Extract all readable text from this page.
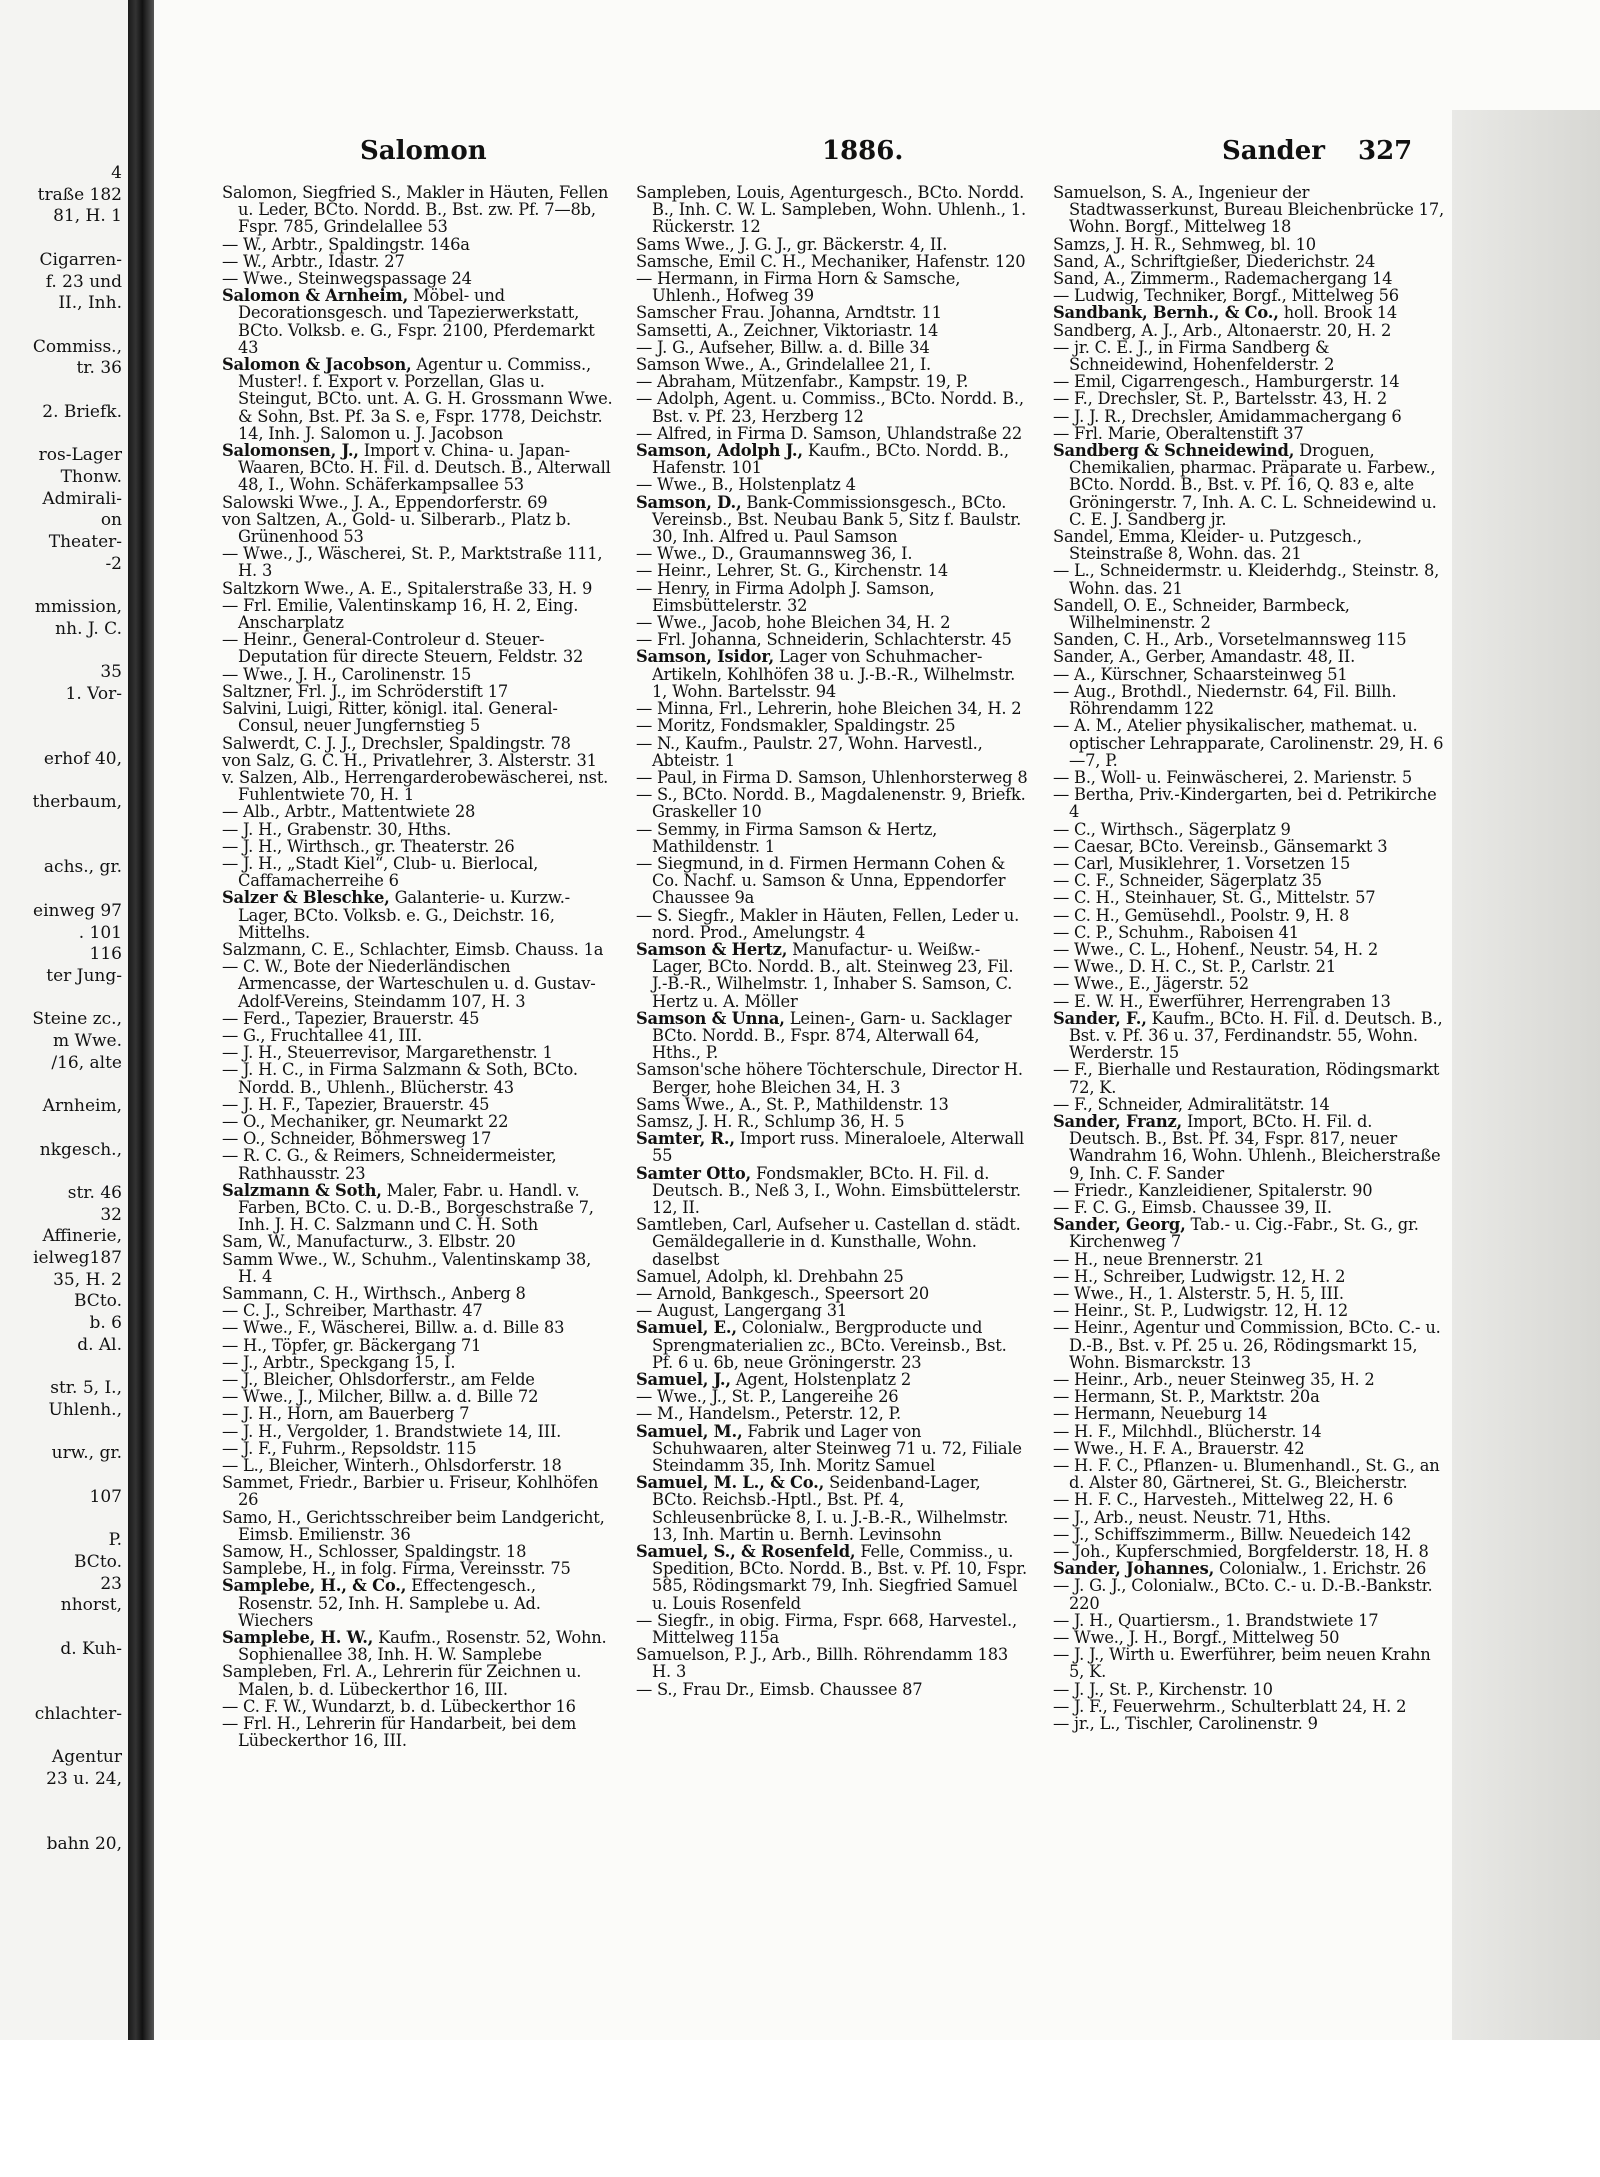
4
traße 182
81, H. 1
Cigarren-
f. 23 und
II., Inh.
Commiss.,
tr. 36
2. Briefk.
ros-Lager
Thonw.
Admirali-
on
Theater-
-2
mmission,
nh. J. C.
35
1. Vor-
erhof 40,
therbaum,
achs., gr.
einweg 97
. 101
116
ter Jung-
Steine zc.,
m Wwe.
/16, alte
Arnheim,
nkgesch.,
str. 46
32
Affinerie,
ielweg187
35, H. 2
BCto.
b. 6
d. Al.
str. 5, I.,
Uhlenh.,
urw., gr.
107
P.
BCto.
23
nhorst,
d. Kuh-
chlachter-
Agentur
23 u. 24,
bahn 20,
Salomon	1886.	Sander 327
Salomon, Siegfried S., Makler in Häuten, Fellen u. Leder, BCto. Nordd. B., Bst. zw. Pf. 7—8b, Fspr. 785, Grindelallee 53
— W., Arbtr., Spaldingstr. 146a
— W., Arbtr., Idastr. 27
— Wwe., Steinwegspassage 24
Salomon & Arnheim, Möbel- und Decorationsgesch. und Tapezierwerkstatt, BCto. Volksb. e. G., Fspr. 2100, Pferdemarkt 43
Salomon & Jacobson, Agentur u. Commiss., Muster!. f. Export v. Porzellan, Glas u. Steingut, BCto. unt. A. G. H. Grossmann Wwe. & Sohn, Bst. Pf. 3a S. e, Fspr. 1778, Deichstr. 14, Inh. J. Salomon u. J. Jacobson
Salomonsen, J., Import v. China- u. Japan-Waaren, BCto. H. Fil. d. Deutsch. B., Alterwall 48, I., Wohn. Schäferkampsallee 53
Salowski Wwe., J. A., Eppendorferstr. 69
von Saltzen, A., Gold- u. Silberarb., Platz b. Grünenhood 53
— Wwe., J., Wäscherei, St. P., Marktstraße 111, H. 3
Saltzkorn Wwe., A. E., Spitalerstraße 33, H. 9
— Frl. Emilie, Valentinskamp 16, H. 2, Eing. Anscharplatz
— Heinr., General-Controleur d. Steuer-Deputation für directe Steuern, Feldstr. 32
— Wwe., J. H., Carolinenstr. 15
Saltzner, Frl. J., im Schröderstift 17
Salvini, Luigi, Ritter, königl. ital. General-Consul, neuer Jungfernstieg 5
Salwerdt, C. J. J., Drechsler, Spaldingstr. 78
von Salz, G. C. H., Privatlehrer, 3. Alsterstr. 31
v. Salzen, Alb., Herrengarderobewäscherei, nst. Fuhlentwiete 70, H. 1
— Alb., Arbtr., Mattentwiete 28
— J. H., Grabenstr. 30, Hths.
— J. H., Wirthsch., gr. Theaterstr. 26
— J. H., „Stadt Kiel“, Club- u. Bierlocal, Caffamacherreihe 6
Salzer & Bleschke, Galanterie- u. Kurzw.-Lager, BCto. Volksb. e. G., Deichstr. 16, Mittelhs.
Salzmann, C. E., Schlachter, Eimsb. Chauss. 1a
— C. W., Bote der Niederländischen Armencasse, der Warteschulen u. d. Gustav-Adolf-Vereins, Steindamm 107, H. 3
— Ferd., Tapezier, Brauerstr. 45
— G., Fruchtallee 41, III.
— J. H., Steuerrevisor, Margarethenstr. 1
— J. H. C., in Firma Salzmann & Soth, BCto. Nordd. B., Uhlenh., Blücherstr. 43
— J. H. F., Tapezier, Brauerstr. 45
— O., Mechaniker, gr. Neumarkt 22
— O., Schneider, Böhmersweg 17
— R. C. G., & Reimers, Schneidermeister, Rathhausstr. 23
Salzmann & Soth, Maler, Fabr. u. Handl. v. Farben, BCto. C. u. D.-B., Borgeschstraße 7, Inh. J. H. C. Salzmann und C. H. Soth
Sam, W., Manufacturw., 3. Elbstr. 20
Samm Wwe., W., Schuhm., Valentinskamp 38, H. 4
Sammann, C. H., Wirthsch., Anberg 8
— C. J., Schreiber, Marthastr. 47
— Wwe., F., Wäscherei, Billw. a. d. Bille 83
— H., Töpfer, gr. Bäckergang 71
— J., Arbtr., Speckgang 15, I.
— J., Bleicher, Ohlsdorferstr., am Felde
— Wwe., J., Milcher, Billw. a. d. Bille 72
— J. H., Horn, am Bauerberg 7
— J. H., Vergolder, 1. Brandstwiete 14, III.
— J. F., Fuhrm., Repsoldstr. 115
— L., Bleicher, Winterh., Ohlsdorferstr. 18
Sammet, Friedr., Barbier u. Friseur, Kohlhöfen 26
Samo, H., Gerichtsschreiber beim Landgericht, Eimsb. Emilienstr. 36
Samow, H., Schlosser, Spaldingstr. 18
Samplebe, H., in folg. Firma, Vereinsstr. 75
Samplebe, H., & Co., Effectengesch., Rosenstr. 52, Inh. H. Samplebe u. Ad. Wiechers
Samplebe, H. W., Kaufm., Rosenstr. 52, Wohn. Sophienallee 38, Inh. H. W. Samplebe
Sampleben, Frl. A., Lehrerin für Zeichnen u. Malen, b. d. Lübeckerthor 16, III.
— C. F. W., Wundarzt, b. d. Lübeckerthor 16
— Frl. H., Lehrerin für Handarbeit, bei dem Lübeckerthor 16, III.
Sampleben, Louis, Agenturgesch., BCto. Nordd. B., Inh. C. W. L. Sampleben, Wohn. Uhlenh., 1. Rückerstr. 12
Sams Wwe., J. G. J., gr. Bäckerstr. 4, II.
Samsche, Emil C. H., Mechaniker, Hafenstr. 120
— Hermann, in Firma Horn & Samsche, Uhlenh., Hofweg 39
Samscher Frau. Johanna, Arndtstr. 11
Samsetti, A., Zeichner, Viktoriastr. 14
— J. G., Aufseher, Billw. a. d. Bille 34
Samson Wwe., A., Grindelallee 21, I.
— Abraham, Mützenfabr., Kampstr. 19, P.
— Adolph, Agent. u. Commiss., BCto. Nordd. B., Bst. v. Pf. 23, Herzberg 12
— Alfred, in Firma D. Samson, Uhlandstraße 22
Samson, Adolph J., Kaufm., BCto. Nordd. B., Hafenstr. 101
— Wwe., B., Holstenplatz 4
Samson, D., Bank-Commissionsgesch., BCto. Vereinsb., Bst. Neubau Bank 5, Sitz f. Baulstr. 30, Inh. Alfred u. Paul Samson
— Wwe., D., Graumannsweg 36, I.
— Heinr., Lehrer, St. G., Kirchenstr. 14
— Henry, in Firma Adolph J. Samson, Eimsbüttelerstr. 32
— Wwe., Jacob, hohe Bleichen 34, H. 2
— Frl. Johanna, Schneiderin, Schlachterstr. 45
Samson, Isidor, Lager von Schuhmacher-Artikeln, Kohlhöfen 38 u. J.-B.-R., Wilhelmstr. 1, Wohn. Bartelsstr. 94
— Minna, Frl., Lehrerin, hohe Bleichen 34, H. 2
— Moritz, Fondsmakler, Spaldingstr. 25
— N., Kaufm., Paulstr. 27, Wohn. Harvestl., Abteistr. 1
— Paul, in Firma D. Samson, Uhlenhorsterweg 8
— S., BCto. Nordd. B., Magdalenenstr. 9, Briefk. Graskeller 10
— Semmy, in Firma Samson & Hertz, Mathildenstr. 1
— Siegmund, in d. Firmen Hermann Cohen & Co. Nachf. u. Samson & Unna, Eppendorfer Chaussee 9a
— S. Siegfr., Makler in Häuten, Fellen, Leder u. nord. Prod., Amelungstr. 4
Samson & Hertz, Manufactur- u. Weißw.-Lager, BCto. Nordd. B., alt. Steinweg 23, Fil. J.-B.-R., Wilhelmstr. 1, Inhaber S. Samson, C. Hertz u. A. Möller
Samson & Unna, Leinen-, Garn- u. Sacklager BCto. Nordd. B., Fspr. 874, Alterwall 64, Hths., P.
Samson'sche höhere Töchterschule, Director H. Berger, hohe Bleichen 34, H. 3
Sams Wwe., A., St. P., Mathildenstr. 13
Samsz, J. H. R., Schlump 36, H. 5
Samter, R., Import russ. Mineraloele, Alterwall 55
Samter Otto, Fondsmakler, BCto. H. Fil. d. Deutsch. B., Neß 3, I., Wohn. Eimsbüttelerstr. 12, II.
Samtleben, Carl, Aufseher u. Castellan d. städt. Gemäldegallerie in d. Kunsthalle, Wohn. daselbst
Samuel, Adolph, kl. Drehbahn 25
— Arnold, Bankgesch., Speersort 20
— August, Langergang 31
Samuel, E., Colonialw., Bergproducte und Sprengmaterialien zc., BCto. Vereinsb., Bst. Pf. 6 u. 6b, neue Gröningerstr. 23
Samuel, J., Agent, Holstenplatz 2
— Wwe., J., St. P., Langereihe 26
— M., Handelsm., Peterstr. 12, P.
Samuel, M., Fabrik und Lager von Schuhwaaren, alter Steinweg 71 u. 72, Filiale Steindamm 35, Inh. Moritz Samuel
Samuel, M. L., & Co., Seidenband-Lager, BCto. Reichsb.-Hptl., Bst. Pf. 4, Schleusenbrücke 8, I. u. J.-B.-R., Wilhelmstr. 13, Inh. Martin u. Bernh. Levinsohn
Samuel, S., & Rosenfeld, Felle, Commiss., u. Spedition, BCto. Nordd. B., Bst. v. Pf. 10, Fspr. 585, Rödingsmarkt 79, Inh. Siegfried Samuel u. Louis Rosenfeld
— Siegfr., in obig. Firma, Fspr. 668, Harvestel., Mittelweg 115a
Samuelson, P. J., Arb., Billh. Röhrendamm 183 H. 3
— S., Frau Dr., Eimsb. Chaussee 87
Samuelson, S. A., Ingenieur der Stadtwasserkunst, Bureau Bleichenbrücke 17, Wohn. Borgf., Mittelweg 18
Samzs, J. H. R., Sehmweg, bl. 10
Sand, A., Schriftgießer, Diederichstr. 24
Sand, A., Zimmerm., Rademachergang 14
— Ludwig, Techniker, Borgf., Mittelweg 56
Sandbank, Bernh., & Co., holl. Brook 14
Sandberg, A. J., Arb., Altonaerstr. 20, H. 2
— jr. C. E. J., in Firma Sandberg & Schneidewind, Hohenfelderstr. 2
— Emil, Cigarrengesch., Hamburgerstr. 14
— F., Drechsler, St. P., Bartelsstr. 43, H. 2
— J. J. R., Drechsler, Amidammachergang 6
— Frl. Marie, Oberaltenstift 37
Sandberg & Schneidewind, Droguen, Chemikalien, pharmac. Präparate u. Farbew., BCto. Nordd. B., Bst. v. Pf. 16, Q. 83 e, alte Gröningerstr. 7, Inh. A. C. L. Schneidewind u. C. E. J. Sandberg jr.
Sandel, Emma, Kleider- u. Putzgesch., Steinstraße 8, Wohn. das. 21
— L., Schneidermstr. u. Kleiderhdg., Steinstr. 8, Wohn. das. 21
Sandell, O. E., Schneider, Barmbeck, Wilhelminenstr. 2
Sanden, C. H., Arb., Vorsetelmannsweg 115
Sander, A., Gerber, Amandastr. 48, II.
— A., Kürschner, Schaarsteinweg 51
— Aug., Brothdl., Niedernstr. 64, Fil. Billh. Röhrendamm 122
— A. M., Atelier physikalischer, mathemat. u. optischer Lehrapparate, Carolinenstr. 29, H. 6—7, P.
— B., Woll- u. Feinwäscherei, 2. Marienstr. 5
— Bertha, Priv.-Kindergarten, bei d. Petrikirche 4
— C., Wirthsch., Sägerplatz 9
— Caesar, BCto. Vereinsb., Gänsemarkt 3
— Carl, Musiklehrer, 1. Vorsetzen 15
— C. F., Schneider, Sägerplatz 35
— C. H., Steinhauer, St. G., Mittelstr. 57
— C. H., Gemüsehdl., Poolstr. 9, H. 8
— C. P., Schuhm., Raboisen 41
— Wwe., C. L., Hohenf., Neustr. 54, H. 2
— Wwe., D. H. C., St. P., Carlstr. 21
— Wwe., E., Jägerstr. 52
— E. W. H., Ewerführer, Herrengraben 13
Sander, F., Kaufm., BCto. H. Fil. d. Deutsch. B., Bst. v. Pf. 36 u. 37, Ferdinandstr. 55, Wohn. Werderstr. 15
— F., Bierhalle und Restauration, Rödingsmarkt 72, K.
— F., Schneider, Admiralitätstr. 14
Sander, Franz, Import, BCto. H. Fil. d. Deutsch. B., Bst. Pf. 34, Fspr. 817, neuer Wandrahm 16, Wohn. Uhlenh., Bleicherstraße 9, Inh. C. F. Sander
— Friedr., Kanzleidiener, Spitalerstr. 90
— F. C. G., Eimsb. Chaussee 39, II.
Sander, Georg, Tab.- u. Cig.-Fabr., St. G., gr. Kirchenweg 7
— H., neue Brennerstr. 21
— H., Schreiber, Ludwigstr. 12, H. 2
— Wwe., H., 1. Alsterstr. 5, H. 5, III.
— Heinr., St. P., Ludwigstr. 12, H. 12
— Heinr., Agentur und Commission, BCto. C.- u. D.-B., Bst. v. Pf. 25 u. 26, Rödingsmarkt 15, Wohn. Bismarckstr. 13
— Heinr., Arb., neuer Steinweg 35, H. 2
— Hermann, St. P., Marktstr. 20a
— Hermann, Neueburg 14
— H. F., Milchhdl., Blücherstr. 14
— Wwe., H. F. A., Brauerstr. 42
— H. F. C., Pflanzen- u. Blumenhandl., St. G., an d. Alster 80, Gärtnerei, St. G., Bleicherstr.
— H. F. C., Harvesteh., Mittelweg 22, H. 6
— J., Arb., neust. Neustr. 71, Hths.
— J., Schiffszimmerm., Billw. Neuedeich 142
— Joh., Kupferschmied, Borgfelderstr. 18, H. 8
Sander, Johannes, Colonialw., 1. Erichstr. 26
— J. G. J., Colonialw., BCto. C.- u. D.-B.-Bankstr. 220
— J. H., Quartiersm., 1. Brandstwiete 17
— Wwe., J. H., Borgf., Mittelweg 50
— J. J., Wirth u. Ewerführer, beim neuen Krahn 5, K.
— J. J., St. P., Kirchenstr. 10
— J. F., Feuerwehrm., Schulterblatt 24, H. 2
— jr., L., Tischler, Carolinenstr. 9
